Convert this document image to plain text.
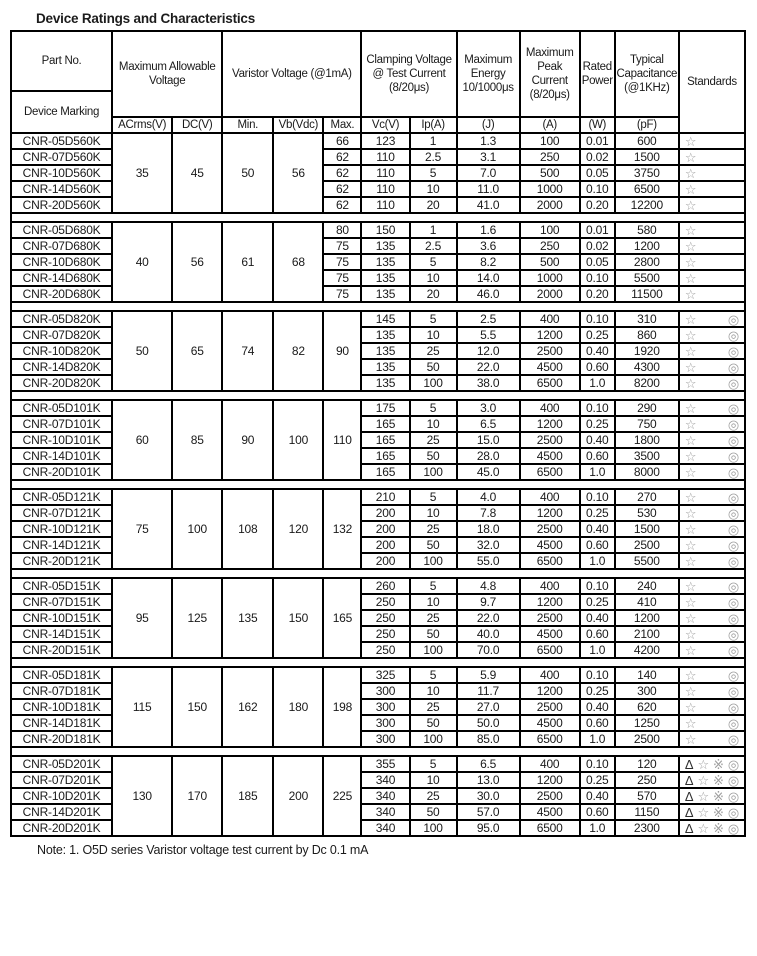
Device Ratings and Characteristics
Part No.	Maximum Allowable Voltage		Varistor Voltage (@1mA)			Clamping Voltage @ Test Current (8/20μs)		Maximum Energy 10/1000μs	Maximum Peak Current (8/20μs)	Rated Power	Typical Capacitance (@1KHz)	Standards
Device Marking												
	ACrms(V)	DC(V)	Min.	Vb(Vdc)	Max.	Vc(V)	Ip(A)	(J)	(A)	(W)	(pF)	
CNR-05D560K	35	45	50	56	66	123	1	1.3	100	0.01	600	☆

CNR-07D560K					62	110	2.5	3.1	250	0.02	1500	☆

CNR-10D560K					62	110	5	7.0	500	0.05	3750	☆

CNR-14D560K					62	110	10	11.0	1000	0.10	6500	☆

CNR-20D560K					62	110	20	41.0	2000	0.20	12200	☆

CNR-05D680K	40	56	61	68	80	150	1	1.6	100	0.01	580	☆

CNR-07D680K					75	135	2.5	3.6	250	0.02	1200	☆

CNR-10D680K					75	135	5	8.2	500	0.05	2800	☆

CNR-14D680K					75	135	10	14.0	1000	0.10	5500	☆

CNR-20D680K					75	135	20	46.0	2000	0.20	11500	☆

CNR-05D820K	50	65	74	82	90	145	5	2.5	400	0.10	310	☆ ◎

CNR-07D820K						135	10	5.5	1200	0.25	860	☆ ◎

CNR-10D820K						135	25	12.0	2500	0.40	1920	☆ ◎

CNR-14D820K						135	50	22.0	4500	0.60	4300	☆ ◎

CNR-20D820K						135	100	38.0	6500	1.0	8200	☆ ◎

CNR-05D101K	60	85	90	100	110	175	5	3.0	400	0.10	290	☆ ◎

CNR-07D101K						165	10	6.5	1200	0.25	750	☆ ◎

CNR-10D101K						165	25	15.0	2500	0.40	1800	☆ ◎

CNR-14D101K						165	50	28.0	4500	0.60	3500	☆ ◎

CNR-20D101K						165	100	45.0	6500	1.0	8000	☆ ◎

CNR-05D121K	75	100	108	120	132	210	5	4.0	400	0.10	270	☆ ◎

CNR-07D121K						200	10	7.8	1200	0.25	530	☆ ◎

CNR-10D121K						200	25	18.0	2500	0.40	1500	☆ ◎

CNR-14D121K						200	50	32.0	4500	0.60	2500	☆ ◎

CNR-20D121K						200	100	55.0	6500	1.0	5500	☆ ◎

CNR-05D151K	95	125	135	150	165	260	5	4.8	400	0.10	240	☆ ◎

CNR-07D151K						250	10	9.7	1200	0.25	410	☆ ◎

CNR-10D151K						250	25	22.0	2500	0.40	1200	☆ ◎

CNR-14D151K						250	50	40.0	4500	0.60	2100	☆ ◎

CNR-20D151K						250	100	70.0	6500	1.0	4200	☆ ◎

CNR-05D181K	115	150	162	180	198	325	5	5.9	400	0.10	140	☆ ◎

CNR-07D181K						300	10	11.7	1200	0.25	300	☆ ◎

CNR-10D181K						300	25	27.0	2500	0.40	620	☆ ◎

CNR-14D181K						300	50	50.0	4500	0.60	1250	☆ ◎

CNR-20D181K						300	100	85.0	6500	1.0	2500	☆ ◎

CNR-05D201K	130	170	185	200	225	355	5	6.5	400	0.10	120	Δ ☆ ※ ◎

CNR-07D201K						340	10	13.0	1200	0.25	250	Δ ☆ ※ ◎

CNR-10D201K						340	25	30.0	2500	0.40	570	Δ ☆ ※ ◎

CNR-14D201K						340	50	57.0	4500	0.60	1150	Δ ☆ ※ ◎

CNR-20D201K						340	100	95.0	6500	1.0	2300	Δ ☆ ※ ◎
Note: 1. O5D series Varistor voltage test current by Dc 0.1 mA
